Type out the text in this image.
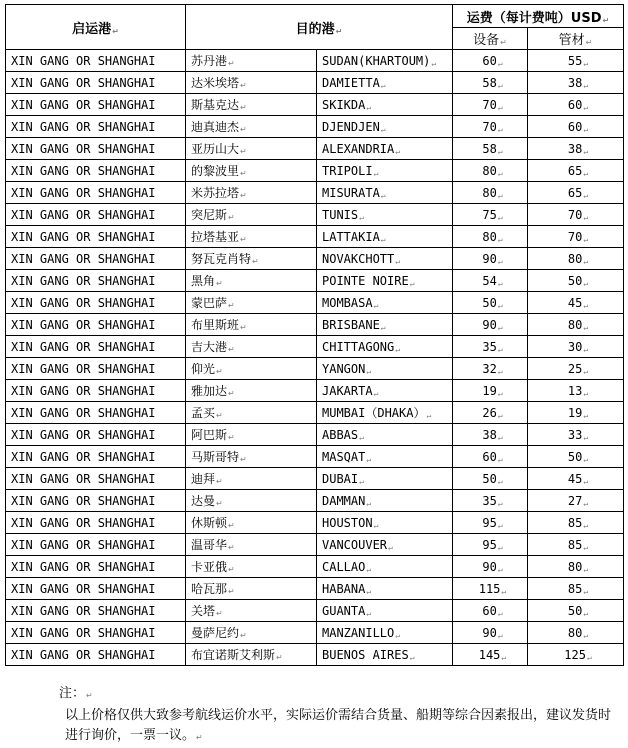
启运港↵	目的港↵		运费（每计费吨）USD↵	
			设备↵	管材↵
XIN GANG OR SHANGHAI	苏丹港↵	SUDAN(KHARTOUM)↵	60↵	55↵
XIN GANG OR SHANGHAI	达米埃塔↵	DAMIETTA↵	58↵	38↵
XIN GANG OR SHANGHAI	斯基克达↵	SKIKDA↵	70↵	60↵
XIN GANG OR SHANGHAI	迪真迪杰↵	DJENDJEN↵	70↵	60↵
XIN GANG OR SHANGHAI	亚历山大↵	ALEXANDRIA↵	58↵	38↵
XIN GANG OR SHANGHAI	的黎波里↵	TRIPOLI↵	80↵	65↵
XIN GANG OR SHANGHAI	米苏拉塔↵	MISURATA↵	80↵	65↵
XIN GANG OR SHANGHAI	突尼斯↵	TUNIS↵	75↵	70↵
XIN GANG OR SHANGHAI	拉塔基亚↵	LATTAKIA↵	80↵	70↵
XIN GANG OR SHANGHAI	努瓦克肖特↵	NOVAKCHOTT↵	90↵	80↵
XIN GANG OR SHANGHAI	黑角↵	POINTE NOIRE↵	54↵	50↵
XIN GANG OR SHANGHAI	蒙巴萨↵	MOMBASA↵	50↵	45↵
XIN GANG OR SHANGHAI	布里斯班↵	BRISBANE↵	90↵	80↵
XIN GANG OR SHANGHAI	吉大港↵	CHITTAGONG↵	35↵	30↵
XIN GANG OR SHANGHAI	仰光↵	YANGON↵	32↵	25↵
XIN GANG OR SHANGHAI	雅加达↵	JAKARTA↵	19↵	13↵
XIN GANG OR SHANGHAI	孟买↵	MUMBAI（DHAKA）↵	26↵	19↵
XIN GANG OR SHANGHAI	阿巴斯↵	ABBAS↵	38↵	33↵
XIN GANG OR SHANGHAI	马斯哥特↵	MASQAT↵	60↵	50↵
XIN GANG OR SHANGHAI	迪拜↵	DUBAI↵	50↵	45↵
XIN GANG OR SHANGHAI	达曼↵	DAMMAN↵	35↵	27↵
XIN GANG OR SHANGHAI	休斯顿↵	HOUSTON↵	95↵	85↵
XIN GANG OR SHANGHAI	温哥华↵	VANCOUVER↵	95↵	85↵
XIN GANG OR SHANGHAI	卡亚俄↵	CALLAO↵	90↵	80↵
XIN GANG OR SHANGHAI	哈瓦那↵	HABANA↵	115↵	85↵
XIN GANG OR SHANGHAI	关塔↵	GUANTA↵	60↵	50↵
XIN GANG OR SHANGHAI	曼萨尼约↵	MANZANILLO↵	90↵	80↵
XIN GANG OR SHANGHAI	布宜诺斯艾利斯↵	BUENOS AIRES↵	145↵	125↵

注：↵

以上价格仅供大致参考航线运价水平，实际运价需结合货量、船期等综合因素报出，建议发货时进行询价，一票一议。↵
